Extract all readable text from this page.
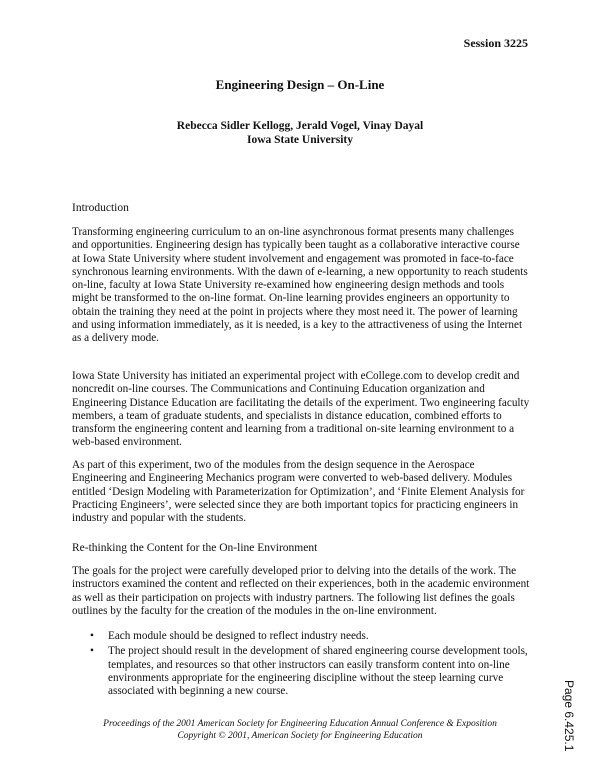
Session 3225
Engineering Design – On-Line
Rebecca Sidler Kellogg, Jerald Vogel, Vinay Dayal
Iowa State University
Introduction

Transforming engineering curriculum to an on-line asynchronous format presents many challenges and opportunities. Engineering design has typically been taught as a collaborative interactive course at Iowa State University where student involvement and engagement was promoted in face-to-face synchronous learning environments. With the dawn of e-learning, a new opportunity to reach students on-line, faculty at Iowa State University re-examined how engineering design methods and tools might be transformed to the on-line format. On-line learning provides engineers an opportunity to obtain the training they need at the point in projects where they most need it. The power of learning and using information immediately, as it is needed, is a key to the attractiveness of using the Internet as a delivery mode.

Iowa State University has initiated an experimental project with eCollege.com to develop credit and noncredit on-line courses. The Communications and Continuing Education organization and Engineering Distance Education are facilitating the details of the experiment. Two engineering faculty members, a team of graduate students, and specialists in distance education, combined efforts to transform the engineering content and learning from a traditional on-site learning environment to a web-based environment.

As part of this experiment, two of the modules from the design sequence in the Aerospace Engineering and Engineering Mechanics program were converted to web-based delivery. Modules entitled ‘Design Modeling with Parameterization for Optimization’, and ‘Finite Element Analysis for Practicing Engineers’, were selected since they are both important topics for practicing engineers in industry and popular with the students.

Re-thinking the Content for the On-line Environment

The goals for the project were carefully developed prior to delving into the details of the work. The instructors examined the content and reflected on their experiences, both in the academic environment as well as their participation on projects with industry partners. The following list defines the goals outlines by the faculty for the creation of the modules in the on-line environment.

• Each module should be designed to reflect industry needs.
• The project should result in the development of shared engineering course development tools, templates, and resources so that other instructors can easily transform content into on-line environments appropriate for the engineering discipline without the steep learning curve associated with beginning a new course.
Proceedings of the 2001 American Society for Engineering Education Annual Conference & Exposition
Copyright © 2001, American Society for Engineering Education	Page 6.425.1
